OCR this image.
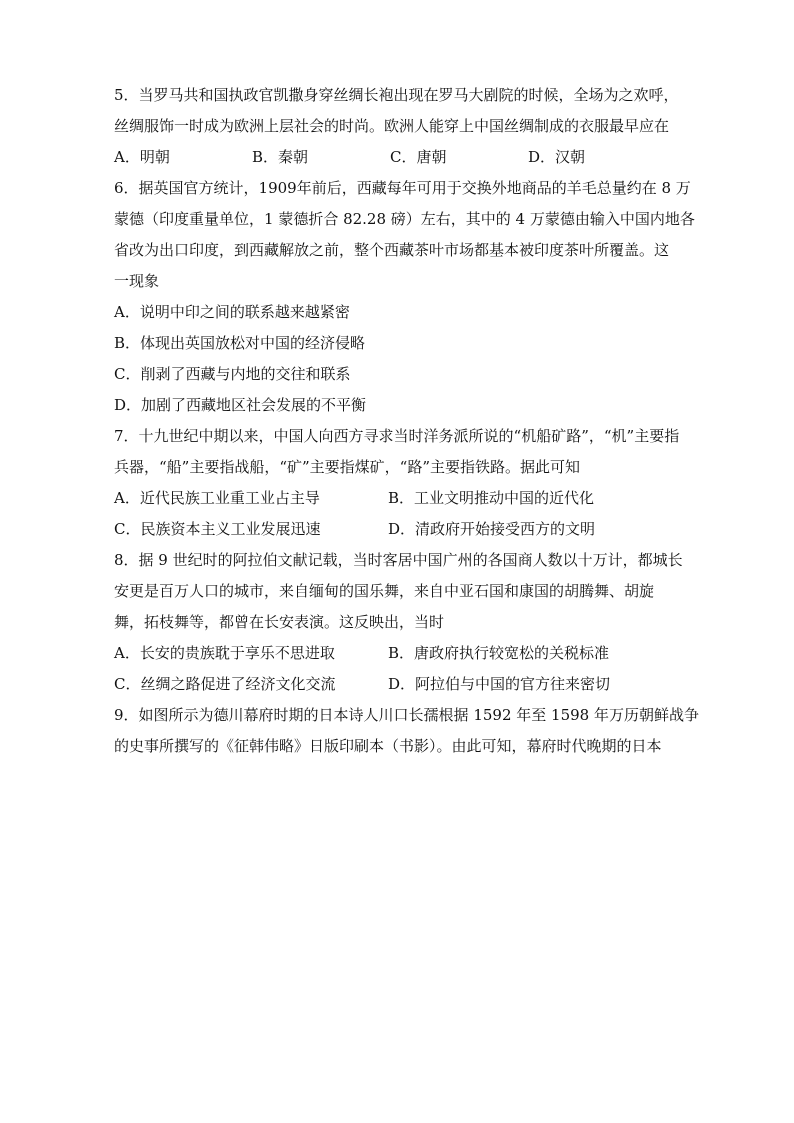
5．当罗马共和国执政官凯撒身穿丝绸长袍出现在罗马大剧院的时候，全场为之欢呼，
丝绸服饰一时成为欧洲上层社会的时尚。欧洲人能穿上中国丝绸制成的衣服最早应在
A．明朝	B．秦朝	C．唐朝	D．汉朝
6．据英国官方统计，1909年前后，西藏每年可用于交换外地商品的羊毛总量约在 8 万
蒙德（印度重量单位，1 蒙德折合 82.28 磅）左右，其中的 4 万蒙德由输入中国内地各
省改为出口印度，到西藏解放之前，整个西藏茶叶市场都基本被印度茶叶所覆盖。这
一现象
A．说明中印之间的联系越来越紧密
B．体现出英国放松对中国的经济侵略
C．削剥了西藏与内地的交往和联系
D．加剧了西藏地区社会发展的不平衡
7．十九世纪中期以来，中国人向西方寻求当时洋务派所说的“机船矿路”，“机”主要指
兵器，“船”主要指战船，“矿”主要指煤矿，“路”主要指铁路。据此可知
A．近代民族工业重工业占主导	B．工业文明推动中国的近代化
C．民族资本主义工业发展迅速	D．清政府开始接受西方的文明
8．据 9 世纪时的阿拉伯文献记载，当时客居中国广州的各国商人数以十万计，都城长
安更是百万人口的城市，来自缅甸的国乐舞，来自中亚石国和康国的胡腾舞、胡旋
舞，拓枝舞等，都曾在长安表演。这反映出，当时
A．长安的贵族耽于享乐不思进取	B．唐政府执行较宽松的关税标准
C．丝绸之路促进了经济文化交流	D．阿拉伯与中国的官方往来密切
9．如图所示为德川幕府时期的日本诗人川口长孺根据 1592 年至 1598 年万历朝鲜战争
的史事所撰写的《征韩伟略》日版印刷本（书影）。由此可知，幕府时代晚期的日本
